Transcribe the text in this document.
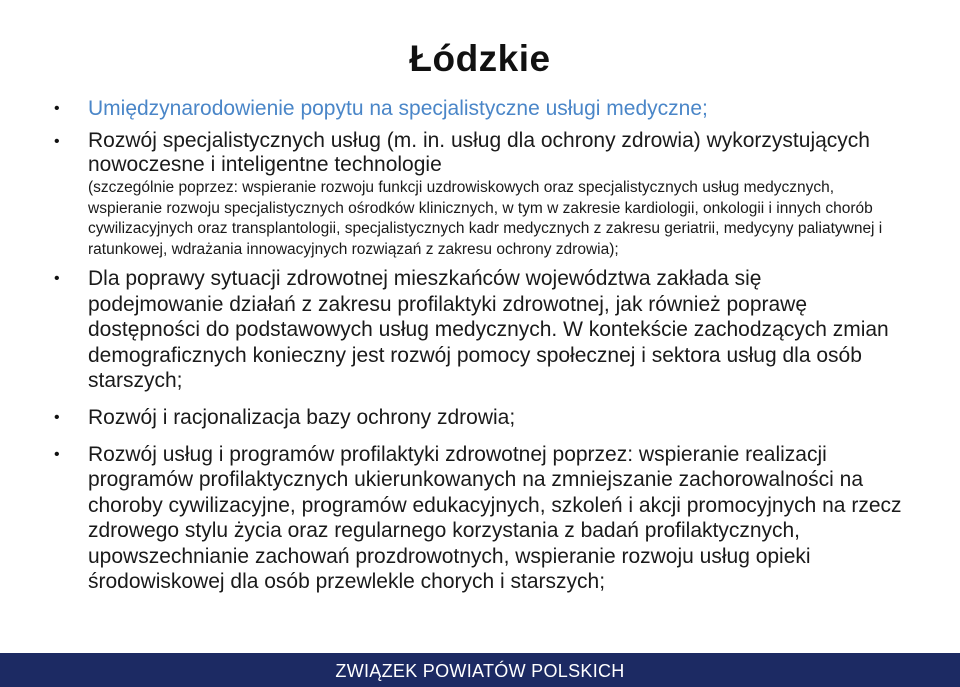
Łódzkie
• Umiędzynarodowienie popytu na specjalistyczne usługi medyczne;
• Rozwój specjalistycznych usług (m. in. usług dla ochrony zdrowia) wykorzystujących nowoczesne i inteligentne technologie
(szczególnie poprzez: wspieranie rozwoju funkcji uzdrowiskowych oraz specjalistycznych usług medycznych, wspieranie rozwoju specjalistycznych ośrodków klinicznych, w tym w zakresie kardiologii, onkologii i innych chorób cywilizacyjnych oraz transplantologii, specjalistycznych kadr medycznych z zakresu geriatrii, medycyny paliatywnej i ratunkowej, wdrażania innowacyjnych rozwiązań z zakresu ochrony zdrowia);
• Dla poprawy sytuacji zdrowotnej mieszkańców województwa zakłada się podejmowanie działań z zakresu profilaktyki zdrowotnej, jak również poprawę dostępności do podstawowych usług medycznych. W kontekście zachodzących zmian demograficznych konieczny jest rozwój pomocy społecznej i sektora usług dla osób starszych;
• Rozwój i racjonalizacja bazy ochrony zdrowia;
• Rozwój usług i programów profilaktyki zdrowotnej poprzez: wspieranie realizacji programów profilaktycznych ukierunkowanych na zmniejszanie zachorowalności na choroby cywilizacyjne, programów edukacyjnych, szkoleń i akcji promocyjnych na rzecz zdrowego stylu życia oraz regularnego korzystania z badań profilaktycznych, upowszechnianie zachowań prozdrowotnych, wspieranie rozwoju usług opieki środowiskowej dla osób przewlekle chorych i starszych;
ZWIĄZEK POWIATÓW POLSKICH
